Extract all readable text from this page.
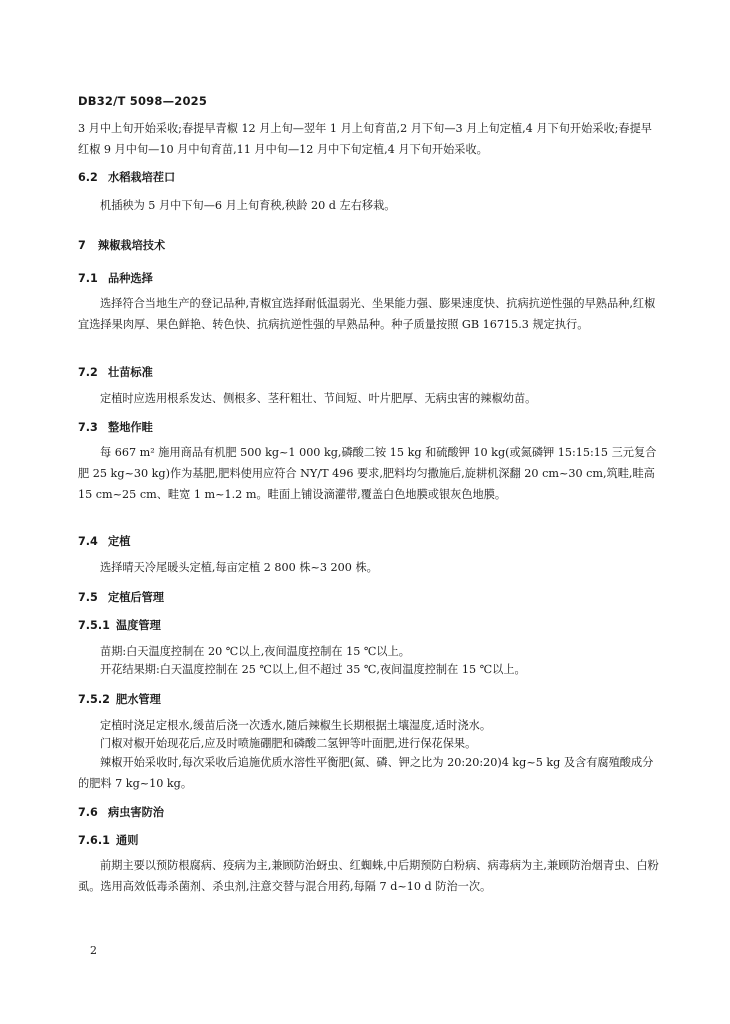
DB32/T 5098—2025

3 月中上旬开始采收;春提早青椒 12 月上旬—翌年 1 月上旬育苗,2 月下旬—3 月上旬定植,4 月下旬开始采收;春提早红椒 9 月中旬—10 月中旬育苗,11 月中旬—12 月中下旬定植,4 月下旬开始采收。

6.2 水稻栽培茬口

机插秧为 5 月中下旬—6 月上旬育秧,秧龄 20 d 左右移栽。

7 辣椒栽培技术
7.1 品种选择

选择符合当地生产的登记品种,青椒宜选择耐低温弱光、坐果能力强、膨果速度快、抗病抗逆性强的早熟品种,红椒宜选择果肉厚、果色鲜艳、转色快、抗病抗逆性强的早熟品种。种子质量按照 GB 16715.3 规定执行。

7.2 壮苗标准

定植时应选用根系发达、侧根多、茎秆粗壮、节间短、叶片肥厚、无病虫害的辣椒幼苗。

7.3 整地作畦

每 667 m² 施用商品有机肥 500 kg~1 000 kg,磷酸二铵 15 kg 和硫酸钾 10 kg(或氮磷钾 15:15:15 三元复合肥 25 kg~30 kg)作为基肥,肥料使用应符合 NY/T 496 要求,肥料均匀撒施后,旋耕机深翻 20 cm~30 cm,筑畦,畦高 15 cm~25 cm、畦宽 1 m~1.2 m。畦面上铺设滴灌带,覆盖白色地膜或银灰色地膜。

7.4 定植

选择晴天冷尾暖头定植,每亩定植 2 800 株~3 200 株。

7.5 定植后管理
7.5.1 温度管理

苗期:白天温度控制在 20 ℃以上,夜间温度控制在 15 ℃以上。

开花结果期:白天温度控制在 25 ℃以上,但不超过 35 ℃,夜间温度控制在 15 ℃以上。

7.5.2 肥水管理

定植时浇足定根水,缓苗后浇一次透水,随后辣椒生长期根据土壤湿度,适时浇水。

门椒对椒开始现花后,应及时喷施硼肥和磷酸二氢钾等叶面肥,进行保花保果。

辣椒开始采收时,每次采收后追施优质水溶性平衡肥(氮、磷、钾之比为 20:20:20)4 kg~5 kg 及含有腐殖酸成分的肥料 7 kg~10 kg。

7.6 病虫害防治
7.6.1 通则

前期主要以预防根腐病、疫病为主,兼顾防治蚜虫、红蜘蛛,中后期预防白粉病、病毒病为主,兼顾防治烟青虫、白粉虱。选用高效低毒杀菌剂、杀虫剂,注意交替与混合用药,每隔 7 d~10 d 防治一次。

2
